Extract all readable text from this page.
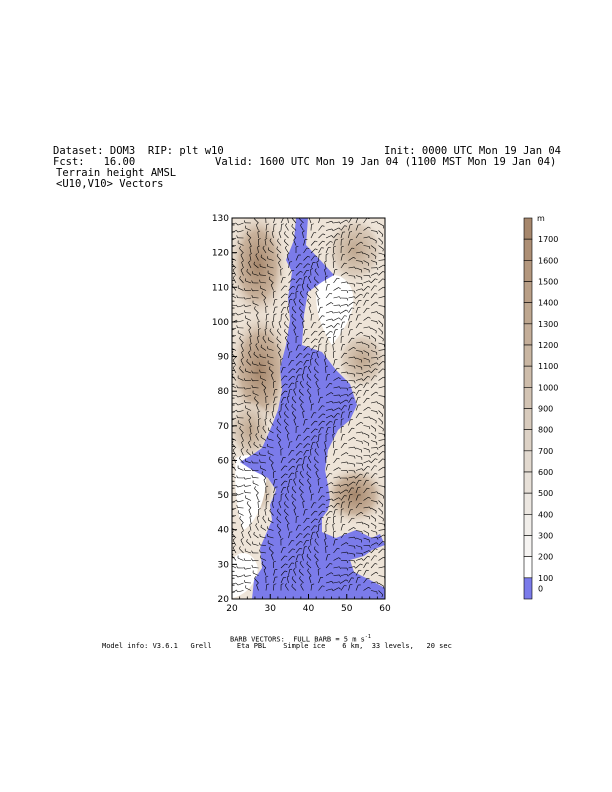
Dataset: DOM3  RIP: plt w10	Init: 0000 UTC Mon 19 Jan 04
Fcst:   16.00	Valid: 1600 UTC Mon 19 Jan 04 (1100 MST Mon 19 Jan 04)
Terrain height AMSL
<U10,V10> Vectors
20	30	40	50	60
20
30
40
50
60
70
80
90
100
110
120
130
1700
1600
1500
1400
1300
1200
1100
1000
900
800
700
600
500
400
300
200
100
0
m
BARB VECTORS:  FULL BARB = 5 m $s^{-1}$
Model info: V3.6.1   Grell      Eta PBL    Simple ice    6 km,  33 levels,   20 sec
